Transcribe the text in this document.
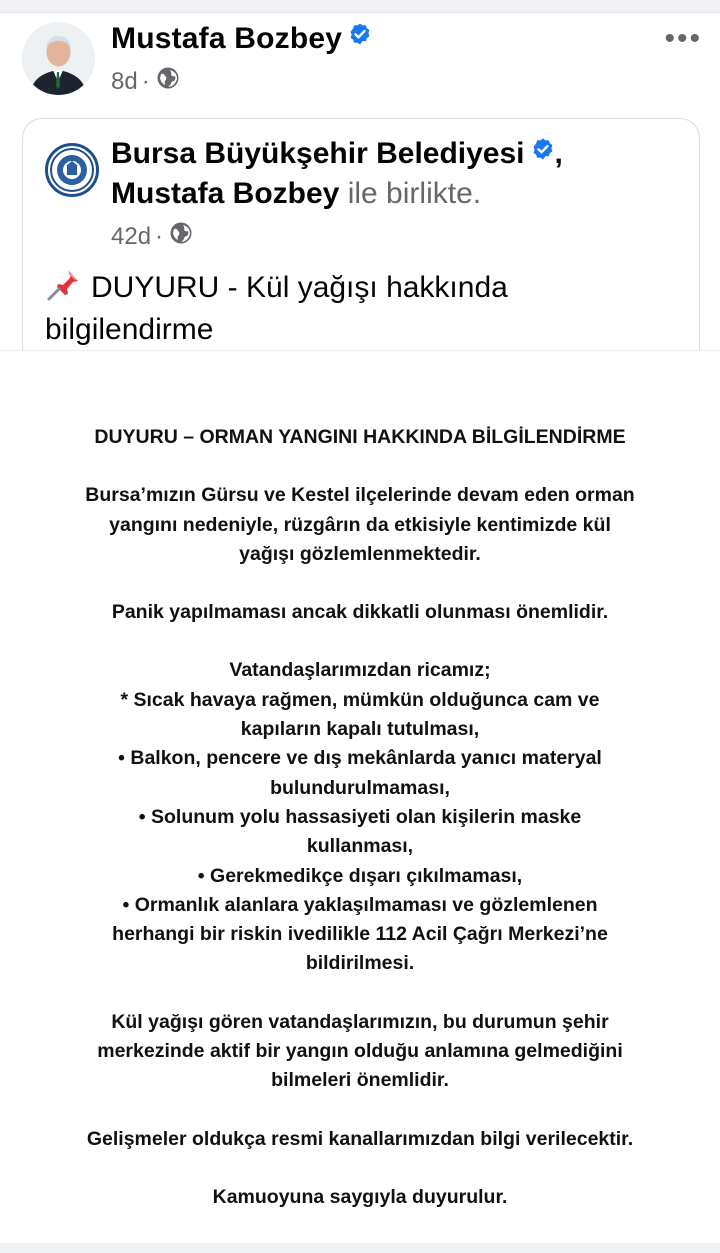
Mustafa Bozbey
8d ·
•••
Bursa Büyükşehir Belediyesi ,
Mustafa Bozbey ile birlikte.
42d ·
DUYURU - Kül yağışı hakkında bilgilendirme

DUYURU – ORMAN YANGINI HAKKINDA BİLGİLENDİRME

Bursa’mızın Gürsu ve Kestel ilçelerinde devam eden orman

yangını nedeniyle, rüzgârın da etkisiyle kentimizde kül

yağışı gözlemlenmektedir.

Panik yapılmaması ancak dikkatli olunması önemlidir.

Vatandaşlarımızdan ricamız;

* Sıcak havaya rağmen, mümkün olduğunca cam ve

kapıların kapalı tutulması,

• Balkon, pencere ve dış mekânlarda yanıcı materyal

bulundurulmaması,

• Solunum yolu hassasiyeti olan kişilerin maske

kullanması,

• Gerekmedikçe dışarı çıkılmaması,

• Ormanlık alanlara yaklaşılmaması ve gözlemlenen

herhangi bir riskin ivedilikle 112 Acil Çağrı Merkezi’ne

bildirilmesi.

Kül yağışı gören vatandaşlarımızın, bu durumun şehir

merkezinde aktif bir yangın olduğu anlamına gelmediğini

bilmeleri önemlidir.

Gelişmeler oldukça resmi kanallarımızdan bilgi verilecektir.

Kamuoyuna saygıyla duyurulur.
